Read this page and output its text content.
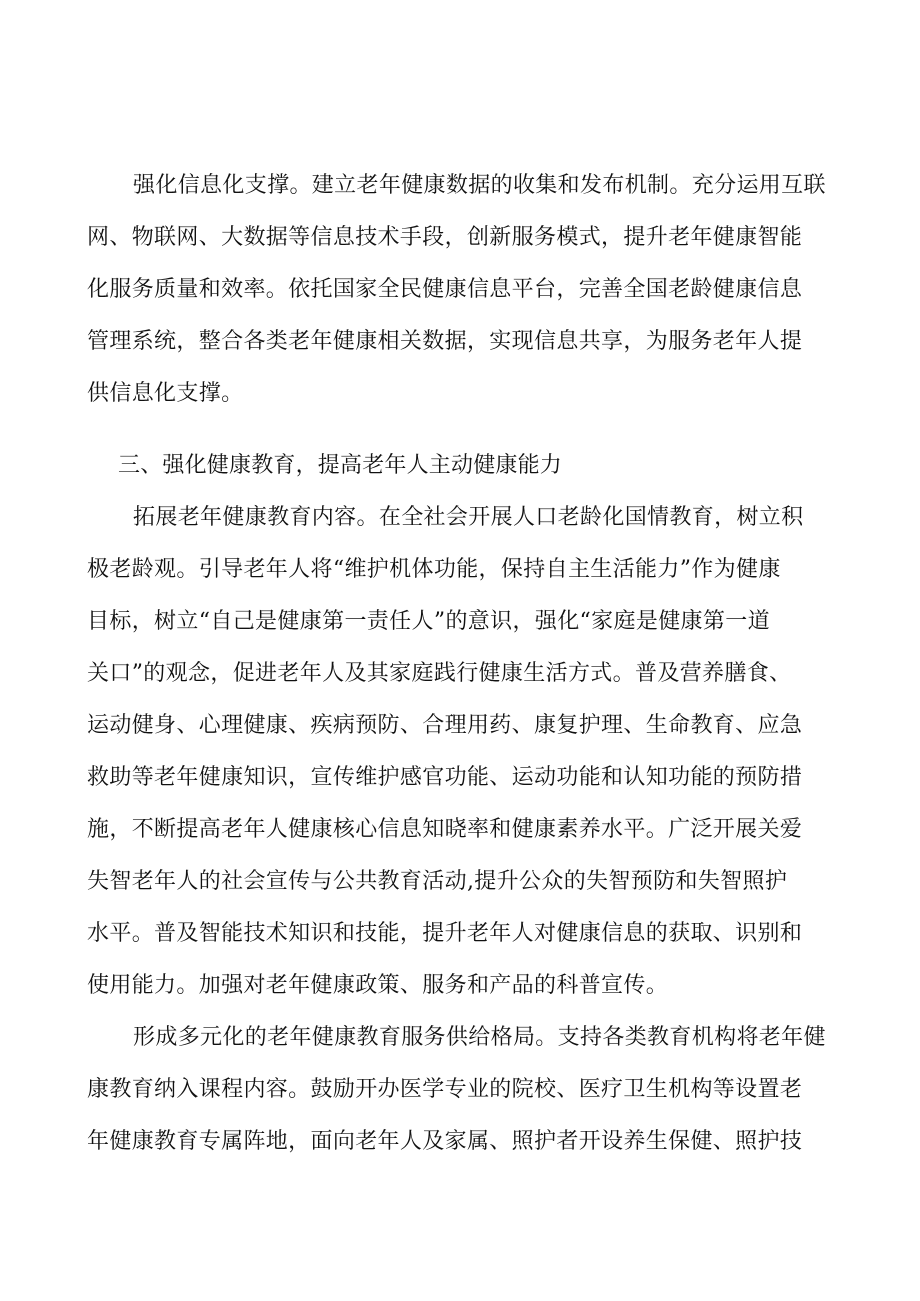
强化信息化支撑。建立老年健康数据的收集和发布机制。充分运用互联
网、物联网、大数据等信息技术手段，创新服务模式，提升老年健康智能
化服务质量和效率。依托国家全民健康信息平台，完善全国老龄健康信息
管理系统，整合各类老年健康相关数据，实现信息共享，为服务老年人提
供信息化支撑。
三、强化健康教育，提高老年人主动健康能力
拓展老年健康教育内容。在全社会开展人口老龄化国情教育，树立积
极老龄观。引导老年人将“维护机体功能，保持自主生活能力”作为健康
目标，树立“自己是健康第一责任人”的意识，强化“家庭是健康第一道
关口”的观念，促进老年人及其家庭践行健康生活方式。普及营养膳食、
运动健身、心理健康、疾病预防、合理用药、康复护理、生命教育、应急
救助等老年健康知识，宣传维护感官功能、运动功能和认知功能的预防措
施，不断提高老年人健康核心信息知晓率和健康素养水平。广泛开展关爱
失智老年人的社会宣传与公共教育活动,提升公众的失智预防和失智照护
水平。普及智能技术知识和技能，提升老年人对健康信息的获取、识别和
使用能力。加强对老年健康政策、服务和产品的科普宣传。
形成多元化的老年健康教育服务供给格局。支持各类教育机构将老年健
康教育纳入课程内容。鼓励开办医学专业的院校、医疗卫生机构等设置老
年健康教育专属阵地，面向老年人及家属、照护者开设养生保健、照护技
